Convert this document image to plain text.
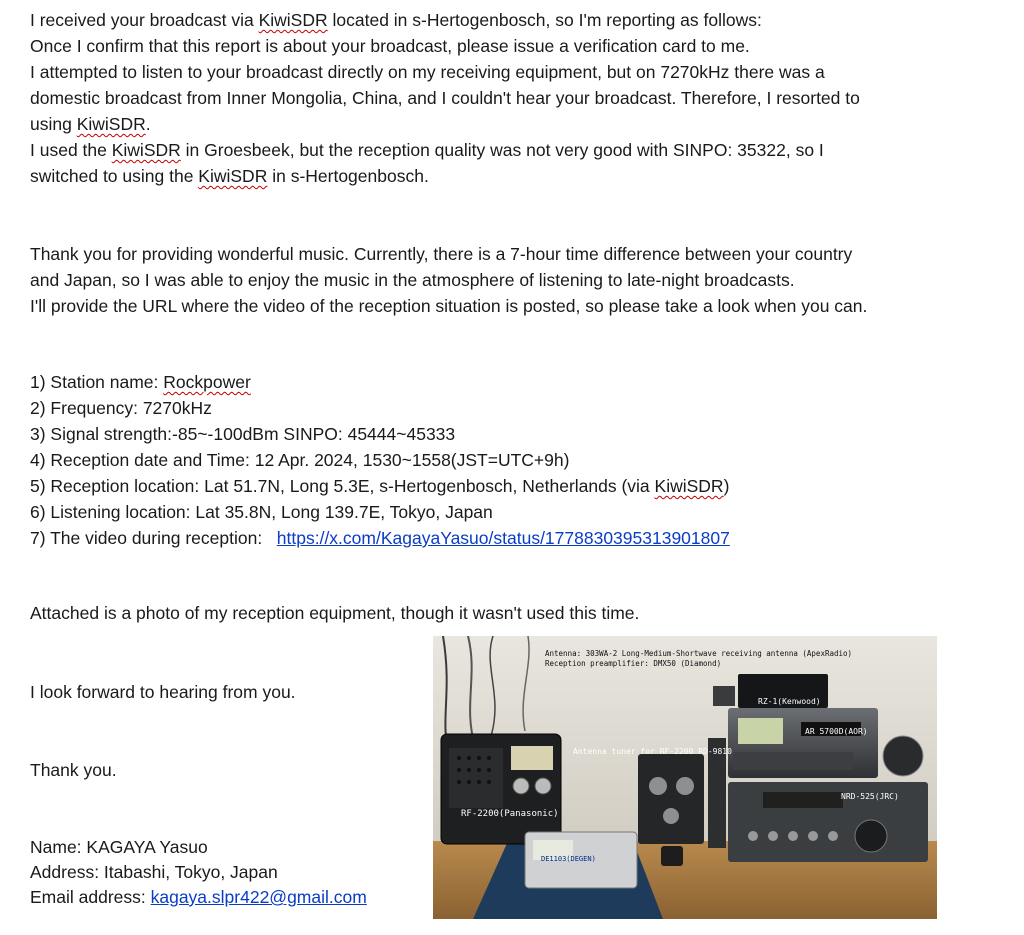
I received your broadcast via KiwiSDR located in s-Hertogenbosch, so I'm reporting as follows:
Once I confirm that this report is about your broadcast, please issue a verification card to me.
I attempted to listen to your broadcast directly on my receiving equipment, but on 7270kHz there was a
domestic broadcast from Inner Mongolia, China, and I couldn't hear your broadcast. Therefore, I resorted to
using KiwiSDR.
I used the KiwiSDR in Groesbeek, but the reception quality was not very good with SINPO: 35322, so I
switched to using the KiwiSDR in s-Hertogenbosch.
Thank you for providing wonderful music. Currently, there is a 7-hour time difference between your country
and Japan, so I was able to enjoy the music in the atmosphere of listening to late-night broadcasts.
I'll provide the URL where the video of the reception situation is posted, so please take a look when you can.
1) Station name: Rockpower
2) Frequency: 7270kHz
3) Signal strength:-85~-100dBm SINPO: 45444~45333
4) Reception date and Time: 12 Apr. 2024, 1530~1558(JST=UTC+9h)
5) Reception location: Lat 51.7N, Long 5.3E, s-Hertogenbosch, Netherlands (via KiwiSDR)
6) Listening location: Lat 35.8N, Long 139.7E, Tokyo, Japan
7) The video during reception:   https://x.com/KagayaYasuo/status/1778830395313901807
Attached is a photo of my reception equipment, though it wasn't used this time.
I look forward to hearing from you.
Thank you.
Name: KAGAYA Yasuo
Address: Itabashi, Tokyo, Japan
Email address: kagaya.slpr422@gmail.com
Antenna: 303WA-2 Long-Medium-Shortwave receiving antenna (ApexRadio)
Reception preamplifier: DMX50 (Diamond)
RZ-1(Kenwood)
AR 5700D(AOR)
Antenna tuner for RF-2200 RD-9810
NRD-525(JRC)
RF-2200(Panasonic)
DE1103(DEGEN)
